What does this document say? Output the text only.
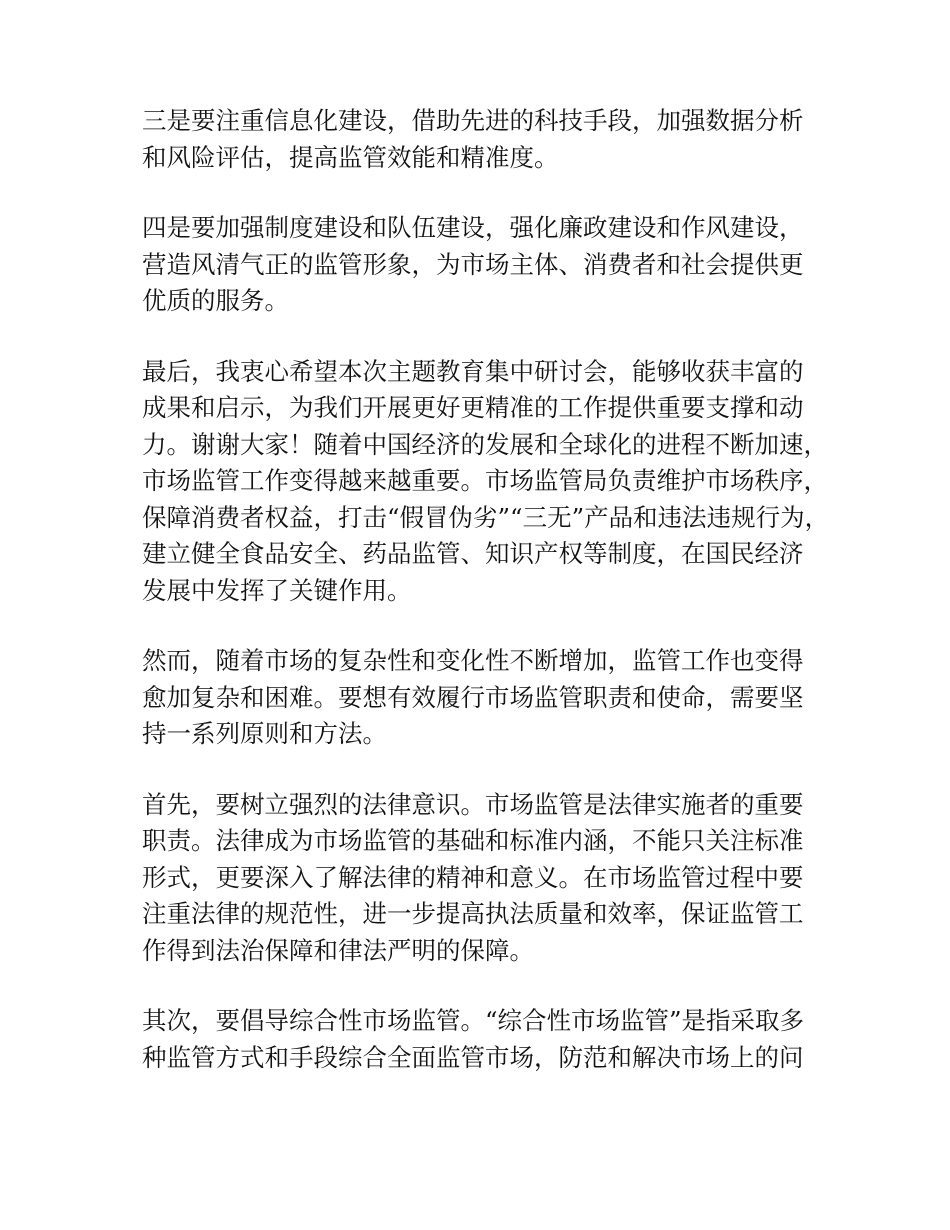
三是要注重信息化建设，借助先进的科技手段，加强数据分析
和风险评估，提高监管效能和精准度。

四是要加强制度建设和队伍建设，强化廉政建设和作风建设，
营造风清气正的监管形象，为市场主体、消费者和社会提供更
优质的服务。

最后，我衷心希望本次主题教育集中研讨会，能够收获丰富的
成果和启示，为我们开展更好更精准的工作提供重要支撑和动
力。谢谢大家！随着中国经济的发展和全球化的进程不断加速，
市场监管工作变得越来越重要。市场监管局负责维护市场秩序，
保障消费者权益，打击“假冒伪劣”“三无”产品和违法违规行为，
建立健全食品安全、药品监管、知识产权等制度，在国民经济
发展中发挥了关键作用。

然而，随着市场的复杂性和变化性不断增加，监管工作也变得
愈加复杂和困难。要想有效履行市场监管职责和使命，需要坚
持一系列原则和方法。

首先，要树立强烈的法律意识。市场监管是法律实施者的重要
职责。法律成为市场监管的基础和标准内涵，不能只关注标准
形式，更要深入了解法律的精神和意义。在市场监管过程中要
注重法律的规范性，进一步提高执法质量和效率，保证监管工
作得到法治保障和律法严明的保障。

其次，要倡导综合性市场监管。“综合性市场监管”是指采取多
种监管方式和手段综合全面监管市场，防范和解决市场上的问
